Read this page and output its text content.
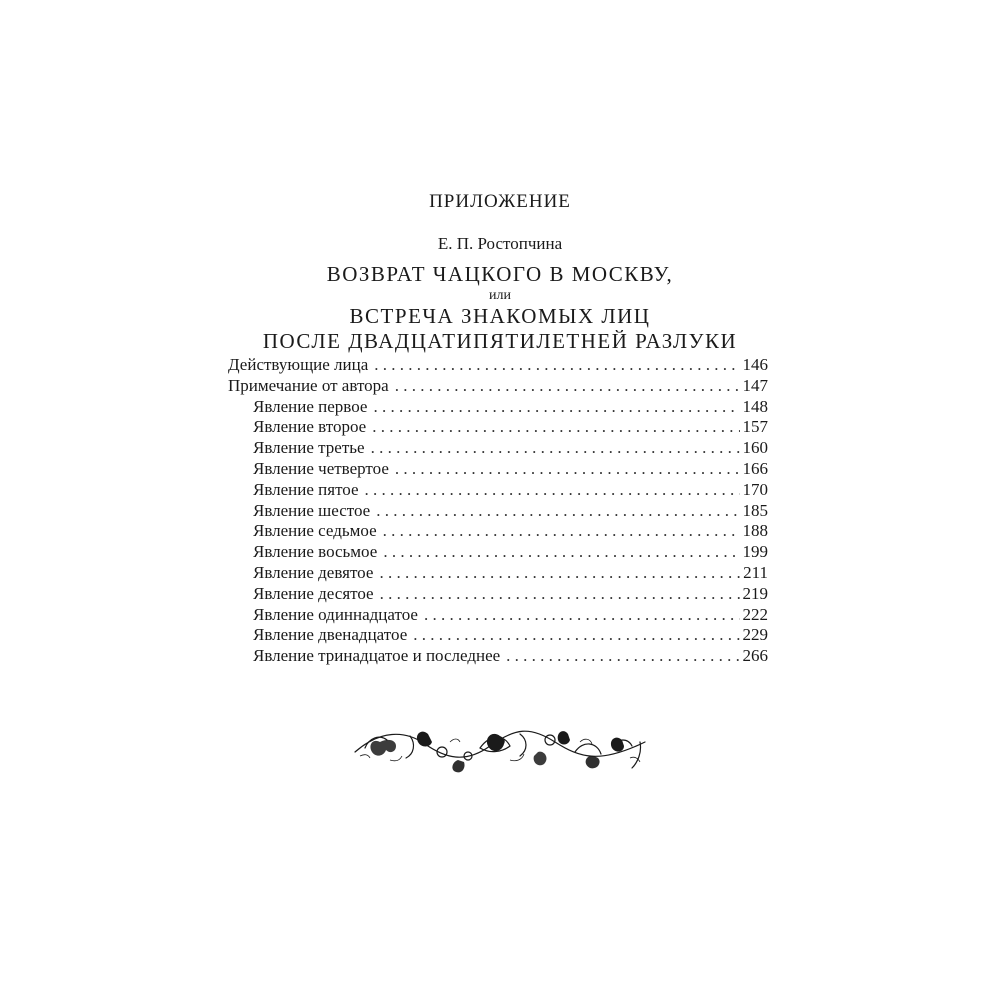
ПРИЛОЖЕНИЕ
Е. П. Ростопчина
ВОЗВРАТ ЧАЦКОГО В МОСКВУ,
или
ВСТРЕЧА ЗНАКОМЫХ ЛИЦ
ПОСЛЕ ДВАДЦАТИПЯТИЛЕТНЕЙ РАЗЛУКИ
Действующие лица . . .	146
Примечание от автора . . .	147
Явление первое . . .	148
Явление второе . . .	157
Явление третье . . .	160
Явление четвертое . . .	166
Явление пятое . . .	170
Явление шестое . . .	185
Явление седьмое . . .	188
Явление восьмое . . .	199
Явление девятое . . .	211
Явление десятое . . .	219
Явление одиннадцатое . . .	222
Явление двенадцатое . . .	229
Явление тринадцатое и последнее . . .	266
